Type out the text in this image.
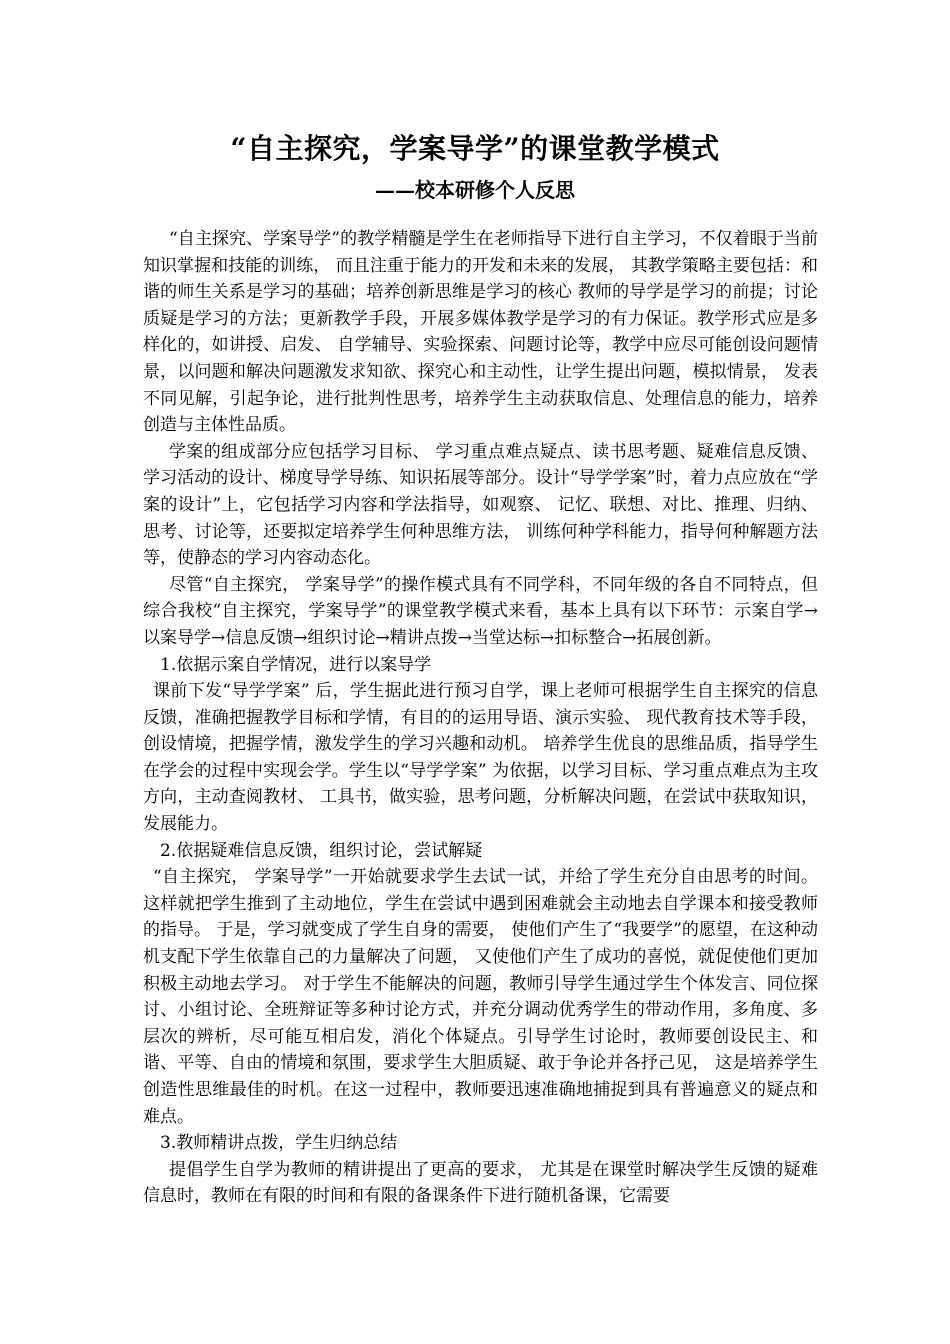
“自主探究，学案导学”的课堂教学模式
——校本研修个人反思

“自主探究、学案导学”的教学精髓是学生在老师指导下进行自主学习，不仅着眼于当前知识掌握和技能的训练， 而且注重于能力的开发和未来的发展， 其教学策略主要包括：和谐的师生关系是学习的基础；培养创新思维是学习的核心 教师的导学是学习的前提；讨论质疑是学习的方法；更新教学手段，开展多媒体教学是学习的有力保证。教学形式应是多样化的，如讲授、启发、 自学辅导、实验探索、问题讨论等，教学中应尽可能创设问题情景，以问题和解决问题激发求知欲、探究心和主动性，让学生提出问题，模拟情景， 发表不同见解，引起争论，进行批判性思考，培养学生主动获取信息、处理信息的能力，培养创造与主体性品质。

学案的组成部分应包括学习目标、 学习重点难点疑点、读书思考题、疑难信息反馈、学习活动的设计、梯度导学导练、知识拓展等部分。设计“导学学案”时，着力点应放在“学案的设计”上，它包括学习内容和学法指导，如观察、 记忆、联想、对比、推理、归纳、思考、讨论等，还要拟定培养学生何种思维方法， 训练何种学科能力，指导何种解题方法等，使静态的学习内容动态化。

尽管“自主探究， 学案导学”的操作模式具有不同学科，不同年级的各自不同特点，但综合我校“自主探究，学案导学”的课堂教学模式来看，基本上具有以下环节：示案自学→以案导学→信息反馈→组织讨论→精讲点拨→当堂达标→扣标整合→拓展创新。

1.依据示案自学情况，进行以案导学

课前下发“导学学案” 后，学生据此进行预习自学，课上老师可根据学生自主探究的信息反馈，准确把握教学目标和学情，有目的的运用导语、演示实验、 现代教育技术等手段，创设情境，把握学情，激发学生的学习兴趣和动机。 培养学生优良的思维品质，指导学生在学会的过程中实现会学。学生以“导学学案” 为依据，以学习目标、学习重点难点为主攻方向，主动查阅教材、 工具书，做实验，思考问题，分析解决问题，在尝试中获取知识，发展能力。

2.依据疑难信息反馈，组织讨论，尝试解疑

“自主探究， 学案导学”一开始就要求学生去试一试，并给了学生充分自由思考的时间。 这样就把学生推到了主动地位，学生在尝试中遇到困难就会主动地去自学课本和接受教师的指导。 于是，学习就变成了学生自身的需要， 使他们产生了“我要学”的愿望，在这种动机支配下学生依靠自己的力量解决了问题， 又使他们产生了成功的喜悦，就促使他们更加积极主动地去学习。 对于学生不能解决的问题，教师引导学生通过学生个体发言、同位探讨、小组讨论、全班辩证等多种讨论方式，并充分调动优秀学生的带动作用，多角度、多层次的辨析，尽可能互相启发，消化个体疑点。引导学生讨论时，教师要创设民主、和谐、平等、自由的情境和氛围，要求学生大胆质疑、敢于争论并各抒己见， 这是培养学生创造性思维最佳的时机。在这一过程中，教师要迅速准确地捕捉到具有普遍意义的疑点和难点。

3.教师精讲点拨，学生归纳总结

提倡学生自学为教师的精讲提出了更高的要求， 尤其是在课堂时解决学生反馈的疑难信息时，教师在有限的时间和有限的备课条件下进行随机备课，它需要
